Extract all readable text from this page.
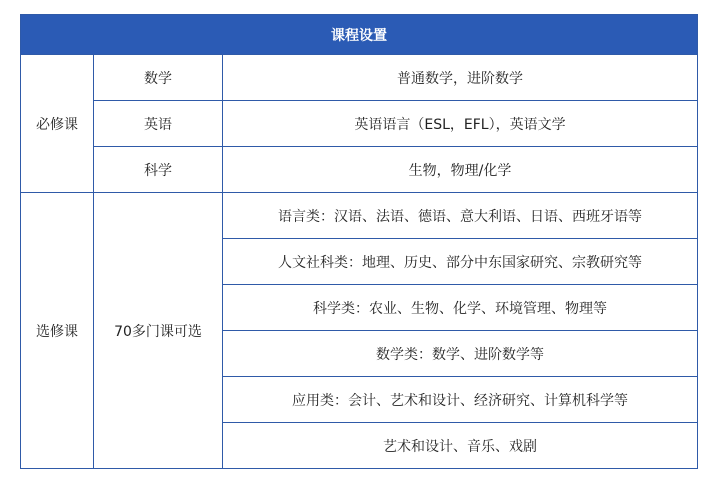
课程设置		
必修课	数学	普通数学，进阶数学
	英语	英语语言（ESL，EFL），英语文学
	科学	生物，物理/化学
选修课	70多门课可选	语言类：汉语、法语、德语、意大利语、日语、西班牙语等
		人文社科类：地理、历史、部分中东国家研究、宗教研究等
		科学类：农业、生物、化学、环境管理、物理等
		数学类：数学、进阶数学等
		应用类：会计、艺术和设计、经济研究、计算机科学等
		艺术和设计、音乐、戏剧
